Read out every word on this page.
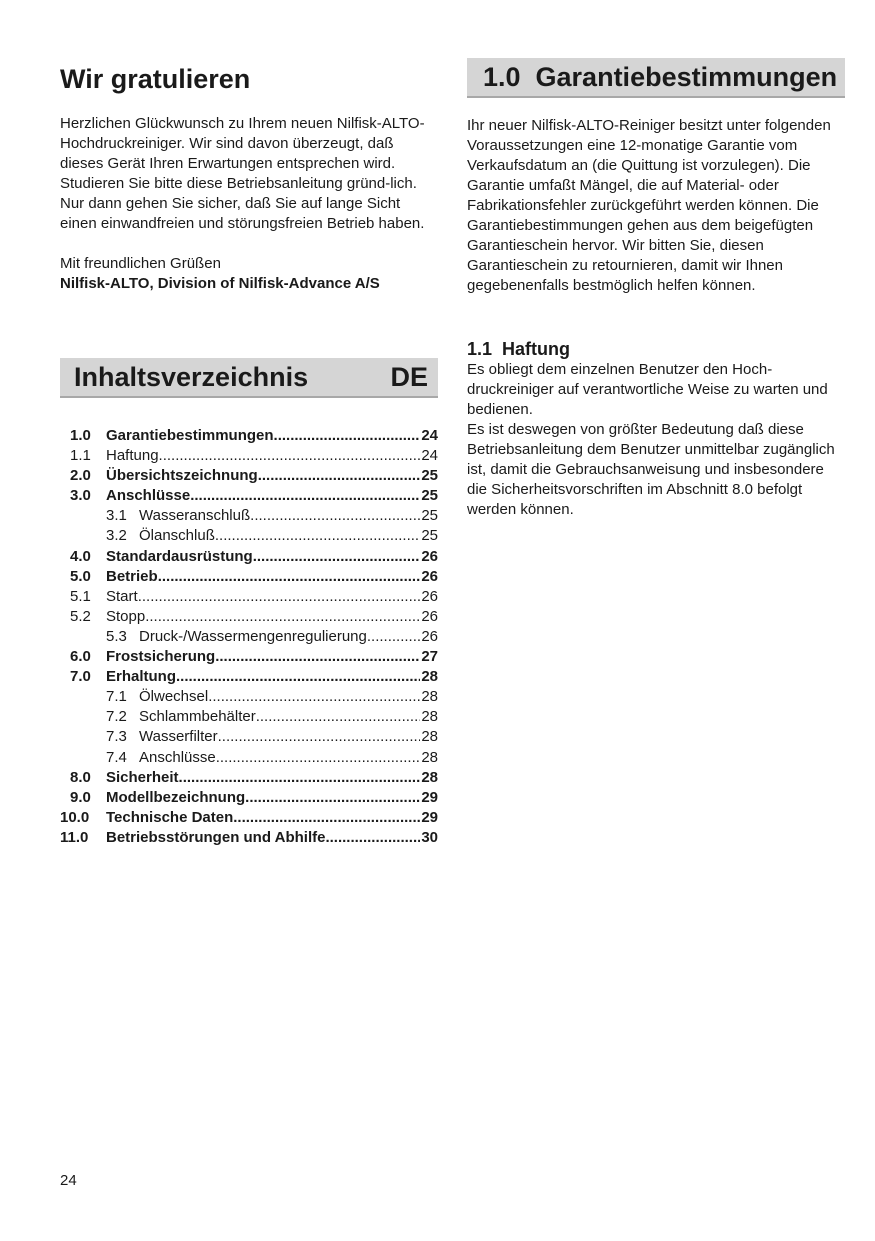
Wir gratulieren

Herzlichen Glückwunsch zu Ihrem neuen Nilfisk-ALTO-Hochdruckreiniger. Wir sind davon überzeugt, daß dieses Gerät Ihren Erwartungen entsprechen wird.

Studieren Sie bitte diese Betriebsanleitung gründ-lich. Nur dann gehen Sie sicher, daß Sie auf lange Sicht einen einwandfreien und störungsfreien Betrieb haben.

Mit freundlichen Grüßen

Nilfisk-ALTO, Division of Nilfisk-Advance A/S

Inhaltsverzeichnis	DE
1.0	Garantiebestimmungen .....	24
1.1	Haftung .....	24
2.0	Übersichtszeichnung .....	25
3.0	Anschlüsse .....	25
3.1 Wasseranschluß .....	25
3.2 Ölanschluß .....	25
4.0	Standardausrüstung .....	26
5.0	Betrieb .....	26
5.1	Start .....	26
5.2	Stopp .....	26
5.3 Druck-/Wassermengenregulierung .....	26
6.0	Frostsicherung .....	27
7.0	Erhaltung .....	28
7.1 Ölwechsel .....	28
7.2 Schlammbehälter .....	28
7.3 Wasserfilter .....	28
7.4 Anschlüsse .....	28
8.0	Sicherheit .....	28
9.0	Modellbezeichnung .....	29
10.0	Technische Daten .....	29
11.0	Betriebsstörungen und Abhilfe .....	30
1.0  Garantiebestimmungen

Ihr neuer Nilfisk-ALTO-Reiniger besitzt unter folgenden Voraussetzungen eine 12-monatige Garantie vom Verkaufsdatum an (die Quittung ist vorzulegen). Die Garantie umfaßt Mängel, die auf Material- oder Fabrikationsfehler zurückgeführt werden können. Die Garantiebestimmungen gehen aus dem beigefügten Garantieschein hervor. Wir bitten Sie, diesen Garantieschein zu retournieren, damit wir Ihnen gegebenenfalls bestmöglich helfen können.

1.1  Haftung

Es obliegt dem einzelnen Benutzer den Hoch-druckreiniger auf verantwortliche Weise zu warten und bedienen.

Es ist deswegen von größter Bedeutung daß diese Betriebsanleitung dem Benutzer unmittelbar zugänglich ist, damit die Gebrauchsanweisung und insbesondere die Sicherheitsvorschriften im Abschnitt 8.0 befolgt werden können.

24
